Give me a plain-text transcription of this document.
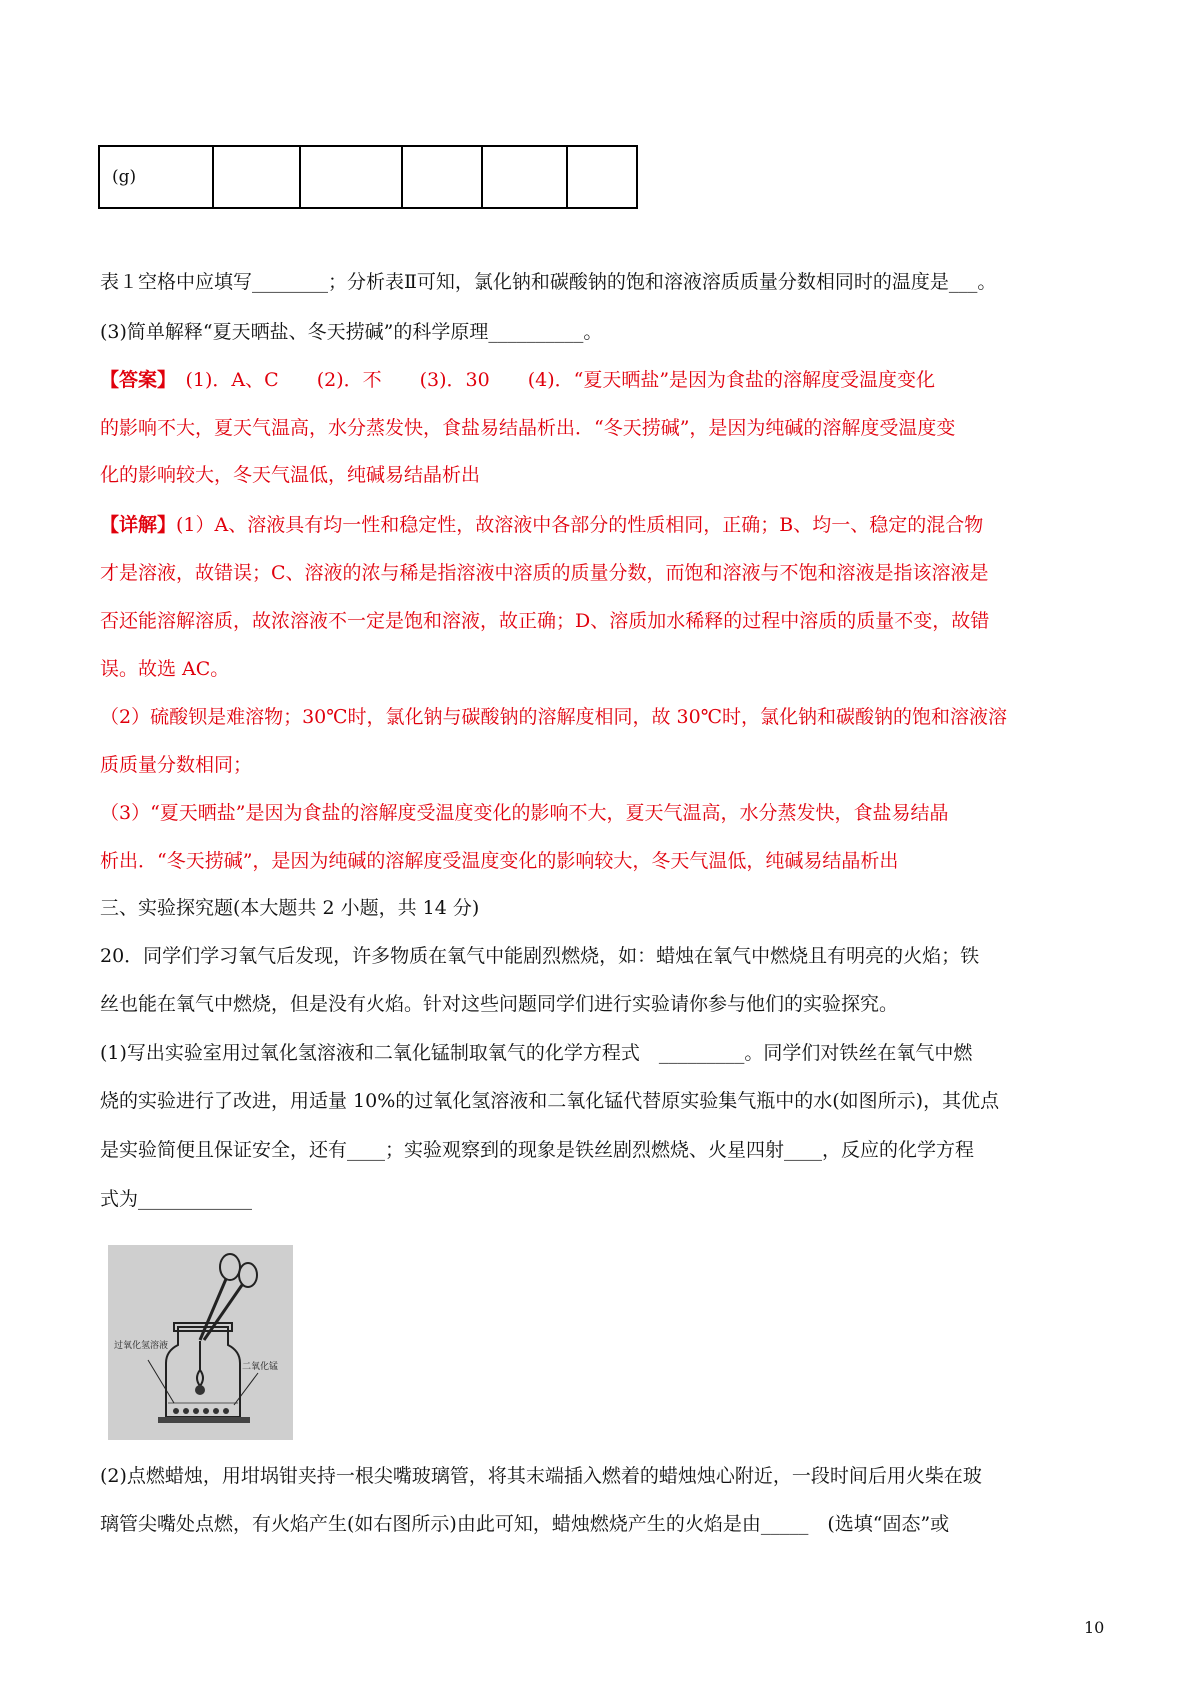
(g)					
表１空格中应填写________；分析表Ⅱ可知，氯化钠和碳酸钠的饱和溶液溶质质量分数相同时的温度是___。
(3)简单解释“夏天晒盐、冬天捞碱”的科学原理__________。
【答案】　(1)．A、C　　(2)．不　　(3)．30　　(4)．“夏天晒盐”是因为食盐的溶解度受温度变化
的影响不大，夏天气温高，水分蒸发快，食盐易结晶析出．“冬天捞碱”，是因为纯碱的溶解度受温度变
化的影响较大，冬天气温低，纯碱易结晶析出
【详解】(1）A、溶液具有均一性和稳定性，故溶液中各部分的性质相同，正确；B、均一、稳定的混合物
才是溶液，故错误；C、溶液的浓与稀是指溶液中溶质的质量分数，而饱和溶液与不饱和溶液是指该溶液是
否还能溶解溶质，故浓溶液不一定是饱和溶液，故正确；D、溶质加水稀释的过程中溶质的质量不变，故错
误。故选 AC。
（2）硫酸钡是难溶物；30℃时，氯化钠与碳酸钠的溶解度相同，故 30℃时，氯化钠和碳酸钠的饱和溶液溶
质质量分数相同；
（3）“夏天晒盐”是因为食盐的溶解度受温度变化的影响不大，夏天气温高，水分蒸发快，食盐易结晶
析出．“冬天捞碱”，是因为纯碱的溶解度受温度变化的影响较大，冬天气温低，纯碱易结晶析出
三、实验探究题(本大题共 2 小题，共 14 分)
20．同学们学习氧气后发现，许多物质在氧气中能剧烈燃烧，如：蜡烛在氧气中燃烧且有明亮的火焰；铁
丝也能在氧气中燃烧，但是没有火焰。针对这些问题同学们进行实验请你参与他们的实验探究。
(1)写出实验室用过氧化氢溶液和二氧化锰制取氧气的化学方程式　_________。同学们对铁丝在氧气中燃
烧的实验进行了改进，用适量 10%的过氧化氢溶液和二氧化锰代替原实验集气瓶中的水(如图所示)，其优点
是实验简便且保证安全，还有____；实验观察到的现象是铁丝剧烈燃烧、火星四射____，反应的化学方程
式为____________
过氧化氢溶液
二氧化锰
(2)点燃蜡烛，用坩埚钳夹持一根尖嘴玻璃管，将其末端插入燃着的蜡烛烛心附近，一段时间后用火柴在玻
璃管尖嘴处点燃，有火焰产生(如右图所示)由此可知，蜡烛燃烧产生的火焰是由_____　(选填“固态”或
10
